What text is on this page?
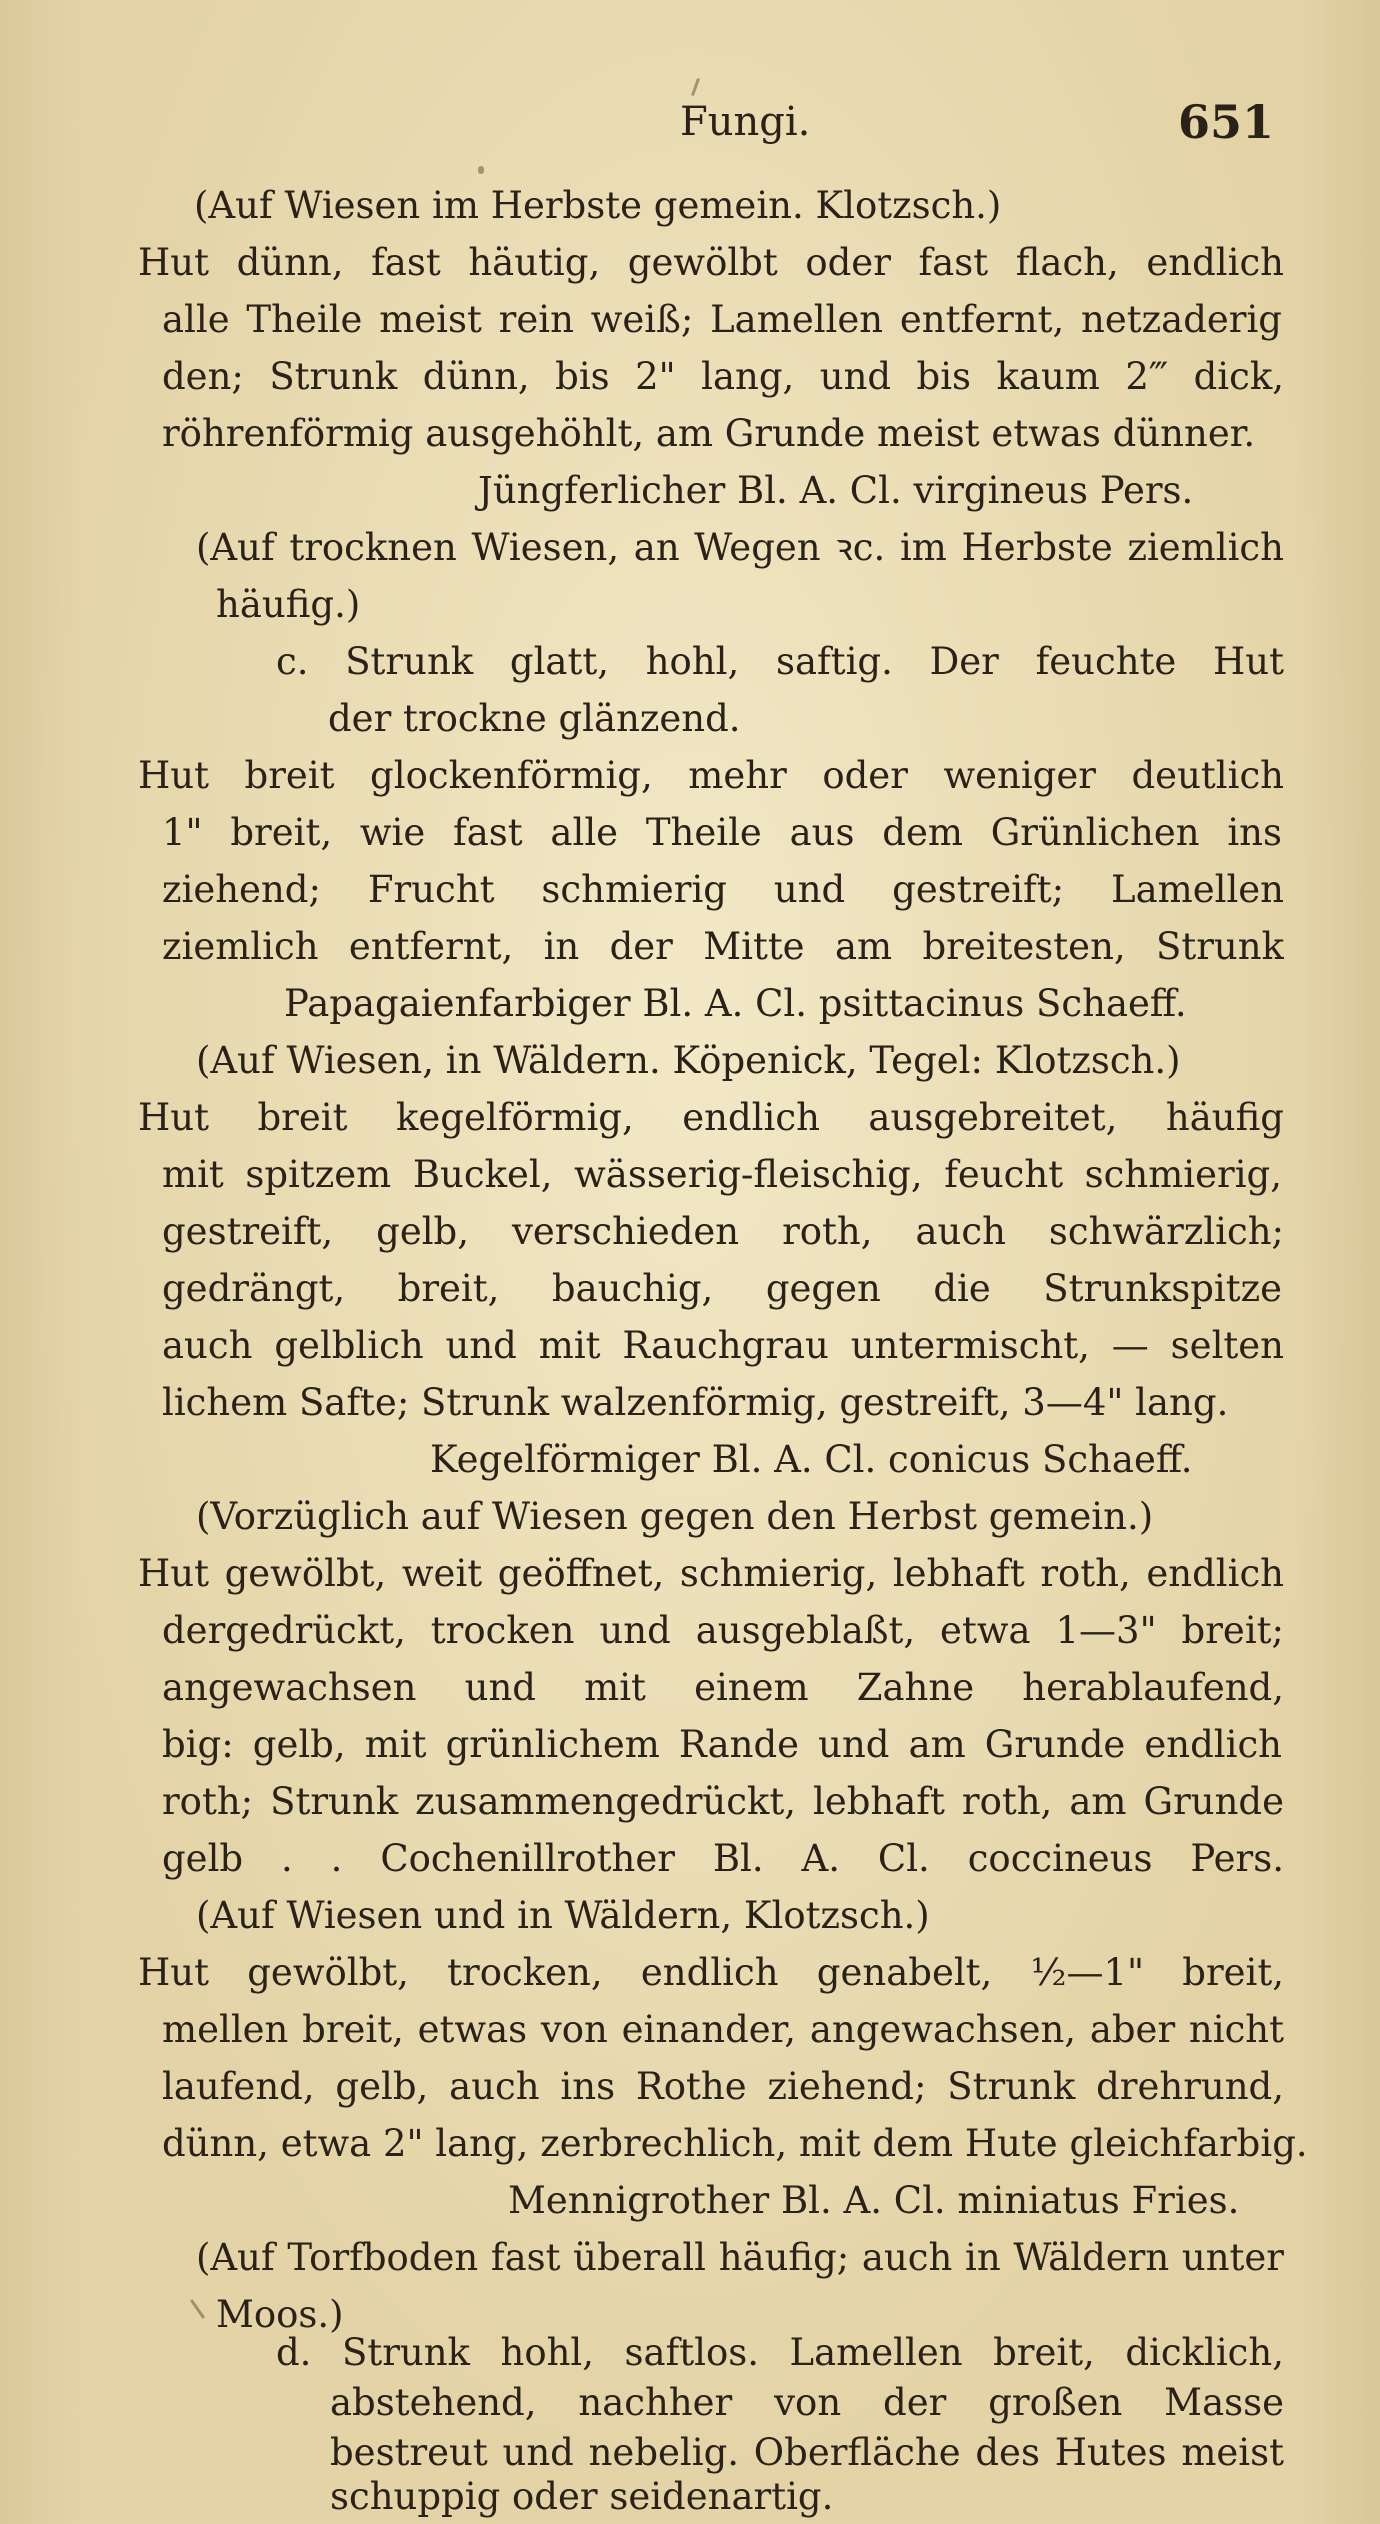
Fungi.	651
(Auf Wiesen im Herbste gemein. Klotzsch.)
Hut dünn, fast häutig, gewölbt oder fast flach, endlich
alle Theile meist rein weiß; Lamellen entfernt, netzaderig
den; Strunk dünn, bis 2" lang, und bis kaum 2‴ dick,
röhrenförmig ausgehöhlt, am Grunde meist etwas dünner.
Jüngferlicher Bl. A. Cl. virgineus Pers.
(Auf trocknen Wiesen, an Wegen ꝛc. im Herbste ziemlich
häufig.)
c. Strunk glatt, hohl, saftig. Der feuchte Hut
der trockne glänzend.
Hut breit glockenförmig, mehr oder weniger deutlich
1" breit, wie fast alle Theile aus dem Grünlichen ins
ziehend; Frucht schmierig und gestreift; Lamellen
ziemlich entfernt, in der Mitte am breitesten, Strunk
Papagaienfarbiger Bl. A. Cl. psittacinus Schaeff.
(Auf Wiesen, in Wäldern. Köpenick, Tegel: Klotzsch.)
Hut breit kegelförmig, endlich ausgebreitet, häufig
mit spitzem Buckel, wässerig-fleischig, feucht schmierig,
gestreift, gelb, verschieden roth, auch schwärzlich;
gedrängt, breit, bauchig, gegen die Strunkspitze
auch gelblich und mit Rauchgrau untermischt, — selten
lichem Safte; Strunk walzenförmig, gestreift, 3—4" lang.
Kegelförmiger Bl. A. Cl. conicus Schaeff.
(Vorzüglich auf Wiesen gegen den Herbst gemein.)
Hut gewölbt, weit geöffnet, schmierig, lebhaft roth, endlich
dergedrückt, trocken und ausgeblaßt, etwa 1—3" breit;
angewachsen und mit einem Zahne herablaufend,
big: gelb, mit grünlichem Rande und am Grunde endlich
roth; Strunk zusammengedrückt, lebhaft roth, am Grunde
gelb . . Cochenillrother Bl. A. Cl. coccineus Pers.
(Auf Wiesen und in Wäldern, Klotzsch.)
Hut gewölbt, trocken, endlich genabelt, ½—1" breit,
mellen breit, etwas von einander, angewachsen, aber nicht
laufend, gelb, auch ins Rothe ziehend; Strunk drehrund,
dünn, etwa 2" lang, zerbrechlich, mit dem Hute gleichfarbig.
Mennigrother Bl. A. Cl. miniatus Fries.
(Auf Torfboden fast überall häufig; auch in Wäldern unter
Moos.)
d. Strunk hohl, saftlos. Lamellen breit, dicklich,
abstehend, nachher von der großen Masse
bestreut und nebelig. Oberfläche des Hutes meist
schuppig oder seidenartig.
